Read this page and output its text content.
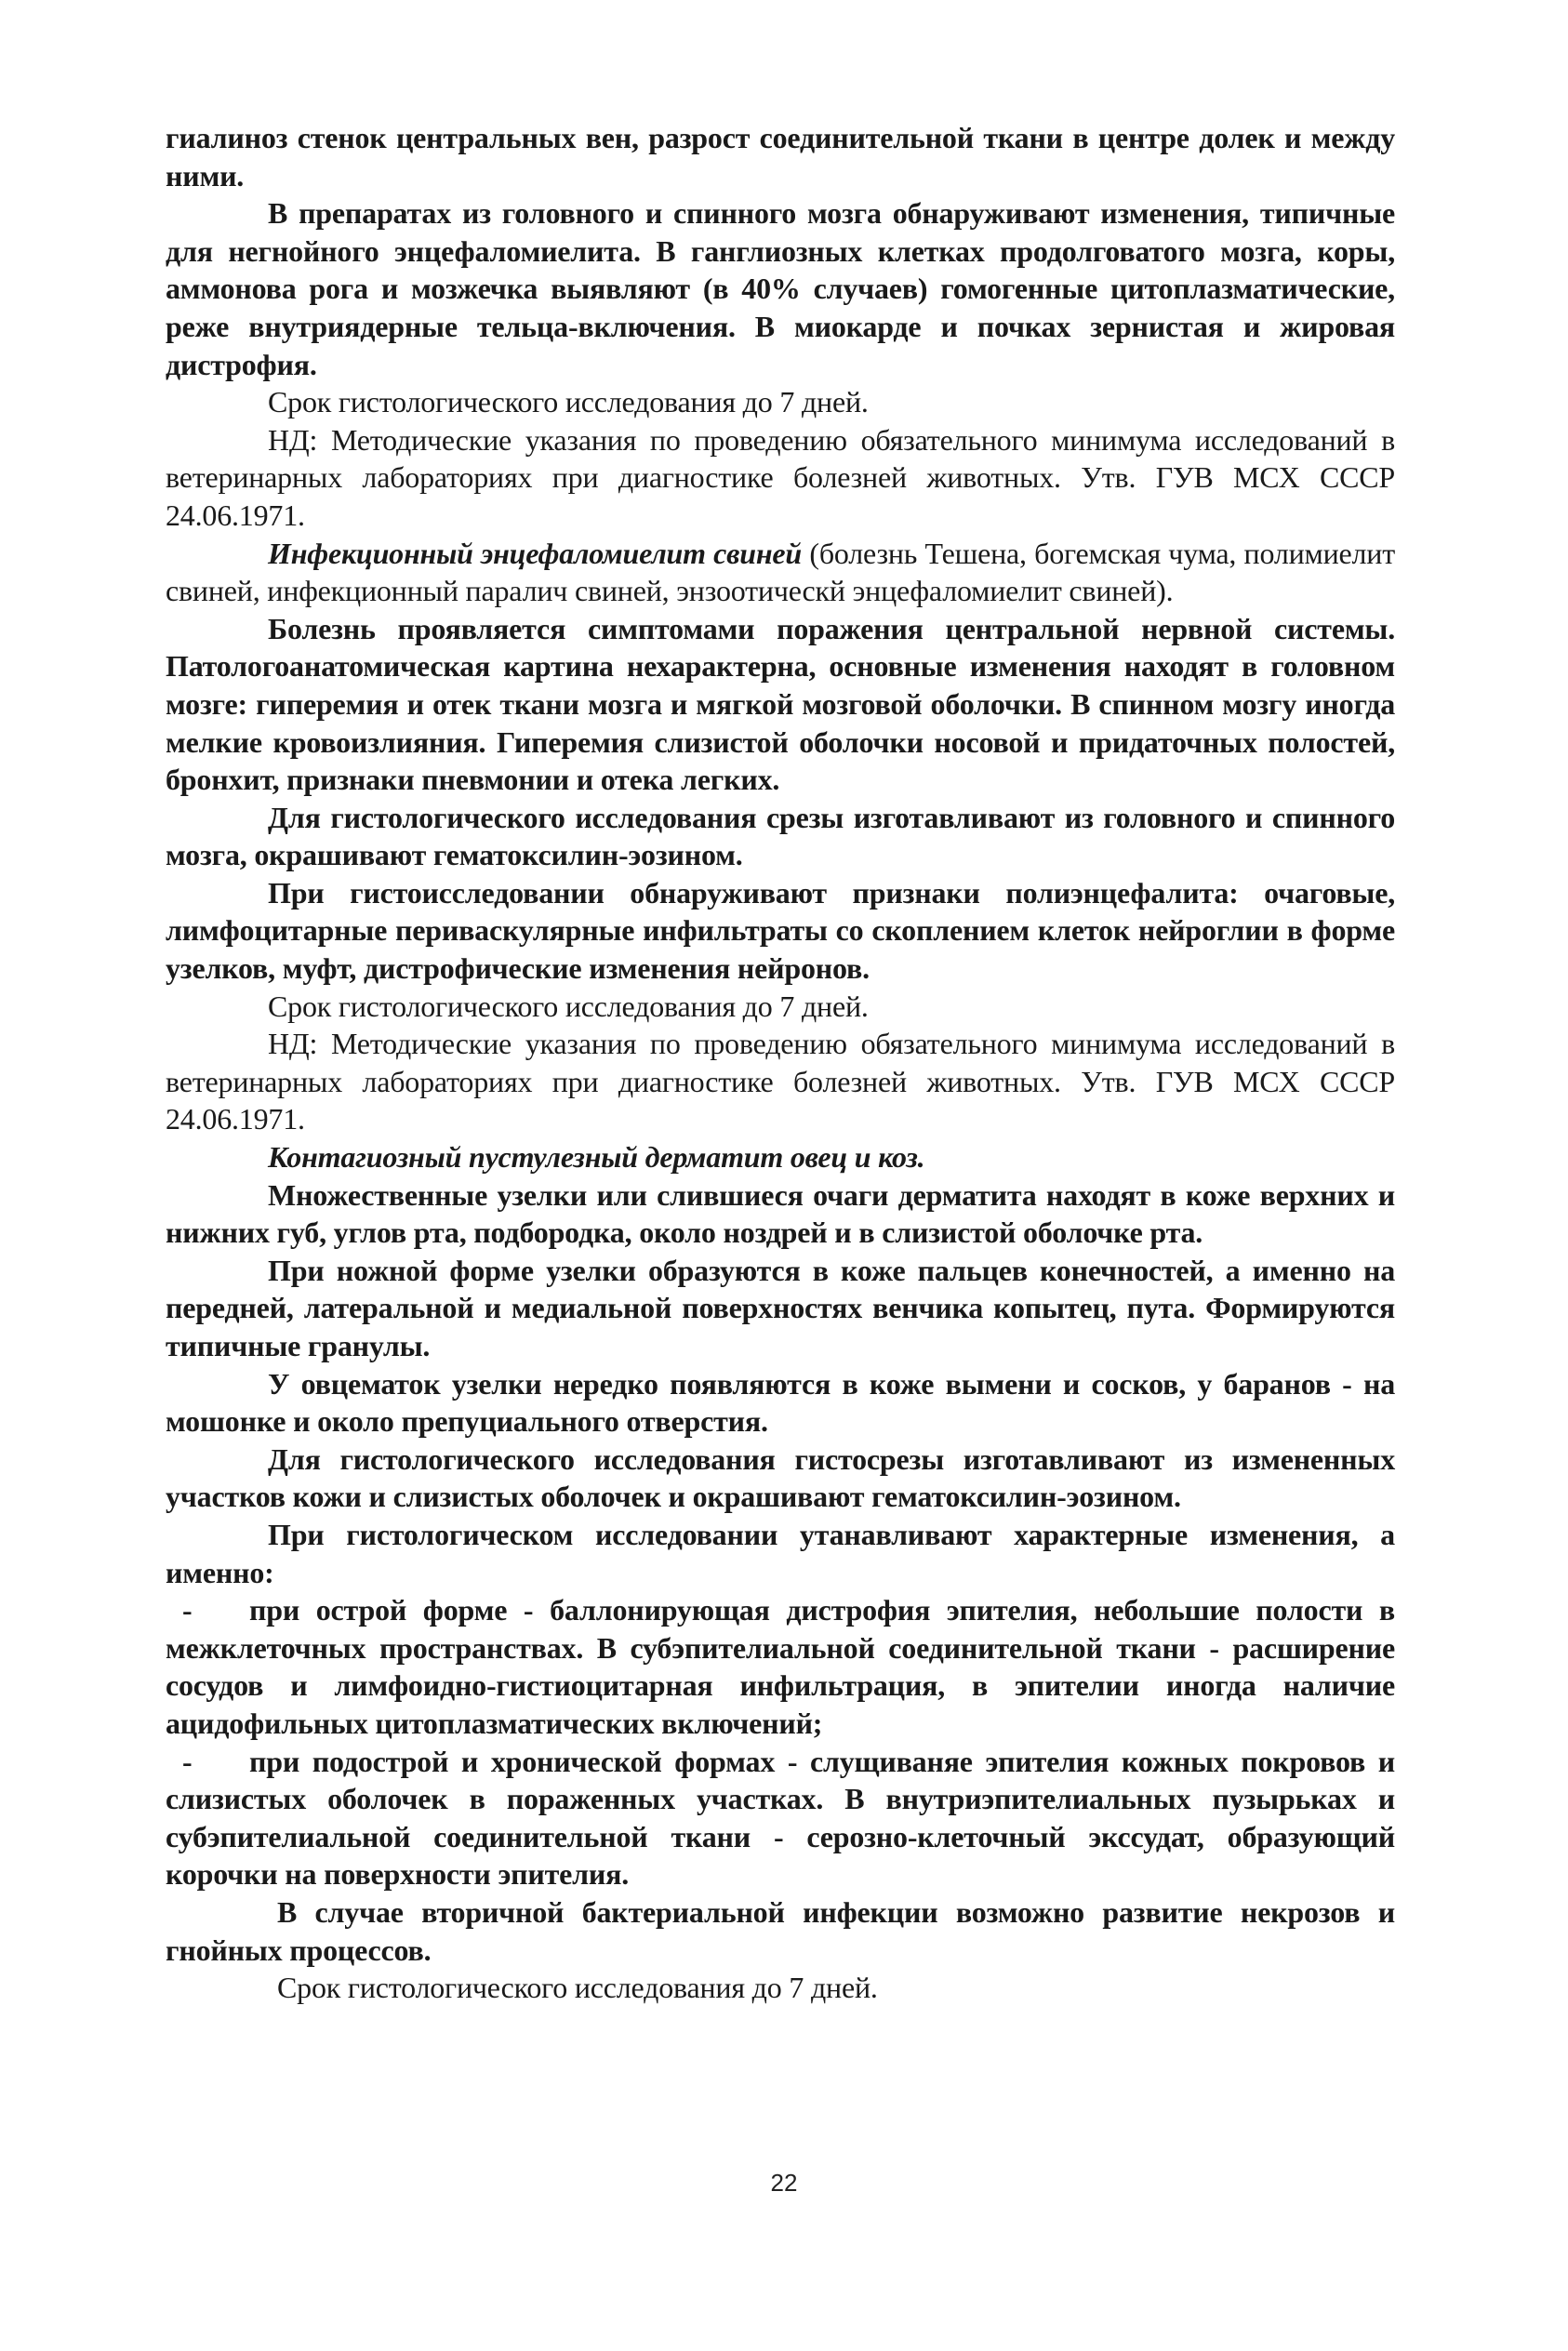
гиалиноз стенок центральных вен, разрост соединительной ткани в центре долек и между ними.

В препаратах из головного и спинного мозга обнаруживают изменения, типичные для негнойного энцефаломиелита. В ганглиозных клетках продолговатого мозга, коры, аммонова рога и мозжечка выявляют (в 40% случаев) гомогенные цитоплазматические, реже внутриядерные тельца-включения. В миокарде и почках зернистая и жировая дистрофия.

Срок гистологического исследования до 7 дней.

НД: Методические указания по проведению обязательного минимума исследований в ветеринарных лабораториях при диагностике болезней животных. Утв. ГУВ МСХ СССР 24.06.1971.

Инфекционный энцефаломиелит свиней (болезнь Тешена, богемская чума, полимиелит свиней, инфекционный паралич свиней, энзоотическй энцефаломиелит свиней).

Болезнь проявляется симптомами поражения центральной нервной системы. Патологоанатомическая картина нехарактерна, основные изменения находят в головном мозге: гиперемия и отек ткани мозга и мягкой мозговой оболочки. В спинном мозгу иногда мелкие кровоизлияния. Гиперемия слизистой оболочки носовой и придаточных полостей, бронхит, признаки пневмонии и отека легких.

Для гистологического исследования срезы изготавливают из головного и спинного мозга, окрашивают гематоксилин-эозином.

При гистоисследовании обнаруживают признаки полиэнцефалита: очаговые, лимфоцитарные периваскулярные инфильтраты со скоплением клеток нейроглии в форме узелков, муфт, дистрофические изменения нейронов.

Срок гистологического исследования до 7 дней.

НД: Методические указания по проведению обязательного минимума исследований в ветеринарных лабораториях при диагностике болезней животных. Утв. ГУВ МСХ СССР 24.06.1971.

Контагиозный пустулезный дерматит овец и коз.

Множественные узелки или слившиеся очаги дерматита находят в коже верхних и нижних губ, углов рта, подбородка, около ноздрей и в слизистой оболочке рта.

При ножной форме узелки образуются в коже пальцев конечностей, а именно на передней, латеральной и медиальной поверхностях венчика копытец, пута. Формируются типичные гранулы.

У овцематок узелки нередко появляются в коже вымени и сосков, у баранов - на мошонке и около препуциального отверстия.

Для гистологического исследования гистосрезы изготавливают из измененных участков кожи и слизистых оболочек и окрашивают гематоксилин-эозином.

При гистологическом исследовании утанавливают характерные изменения, а именно:

- при острой форме - баллонирующая дистрофия эпителия, небольшие полости в межклеточных пространствах. В субэпителиальной соединительной ткани - расширение сосудов и лимфоидно-гистиоцитарная инфильтрация, в эпителии иногда наличие ацидофильных цитоплазматических включений;

- при подострой и хронической формах - слущиваняе эпителия кожных покровов и слизистых оболочек в пораженных участках. В внутриэпителиальных пузырьках и субэпителиальной соединительной ткани - серозно-клеточный экссудат, образующий корочки на поверхности эпителия.

В случае вторичной бактериальной инфекции возможно развитие некрозов и гнойных процессов.

Срок гистологического исследования до 7 дней.

22
